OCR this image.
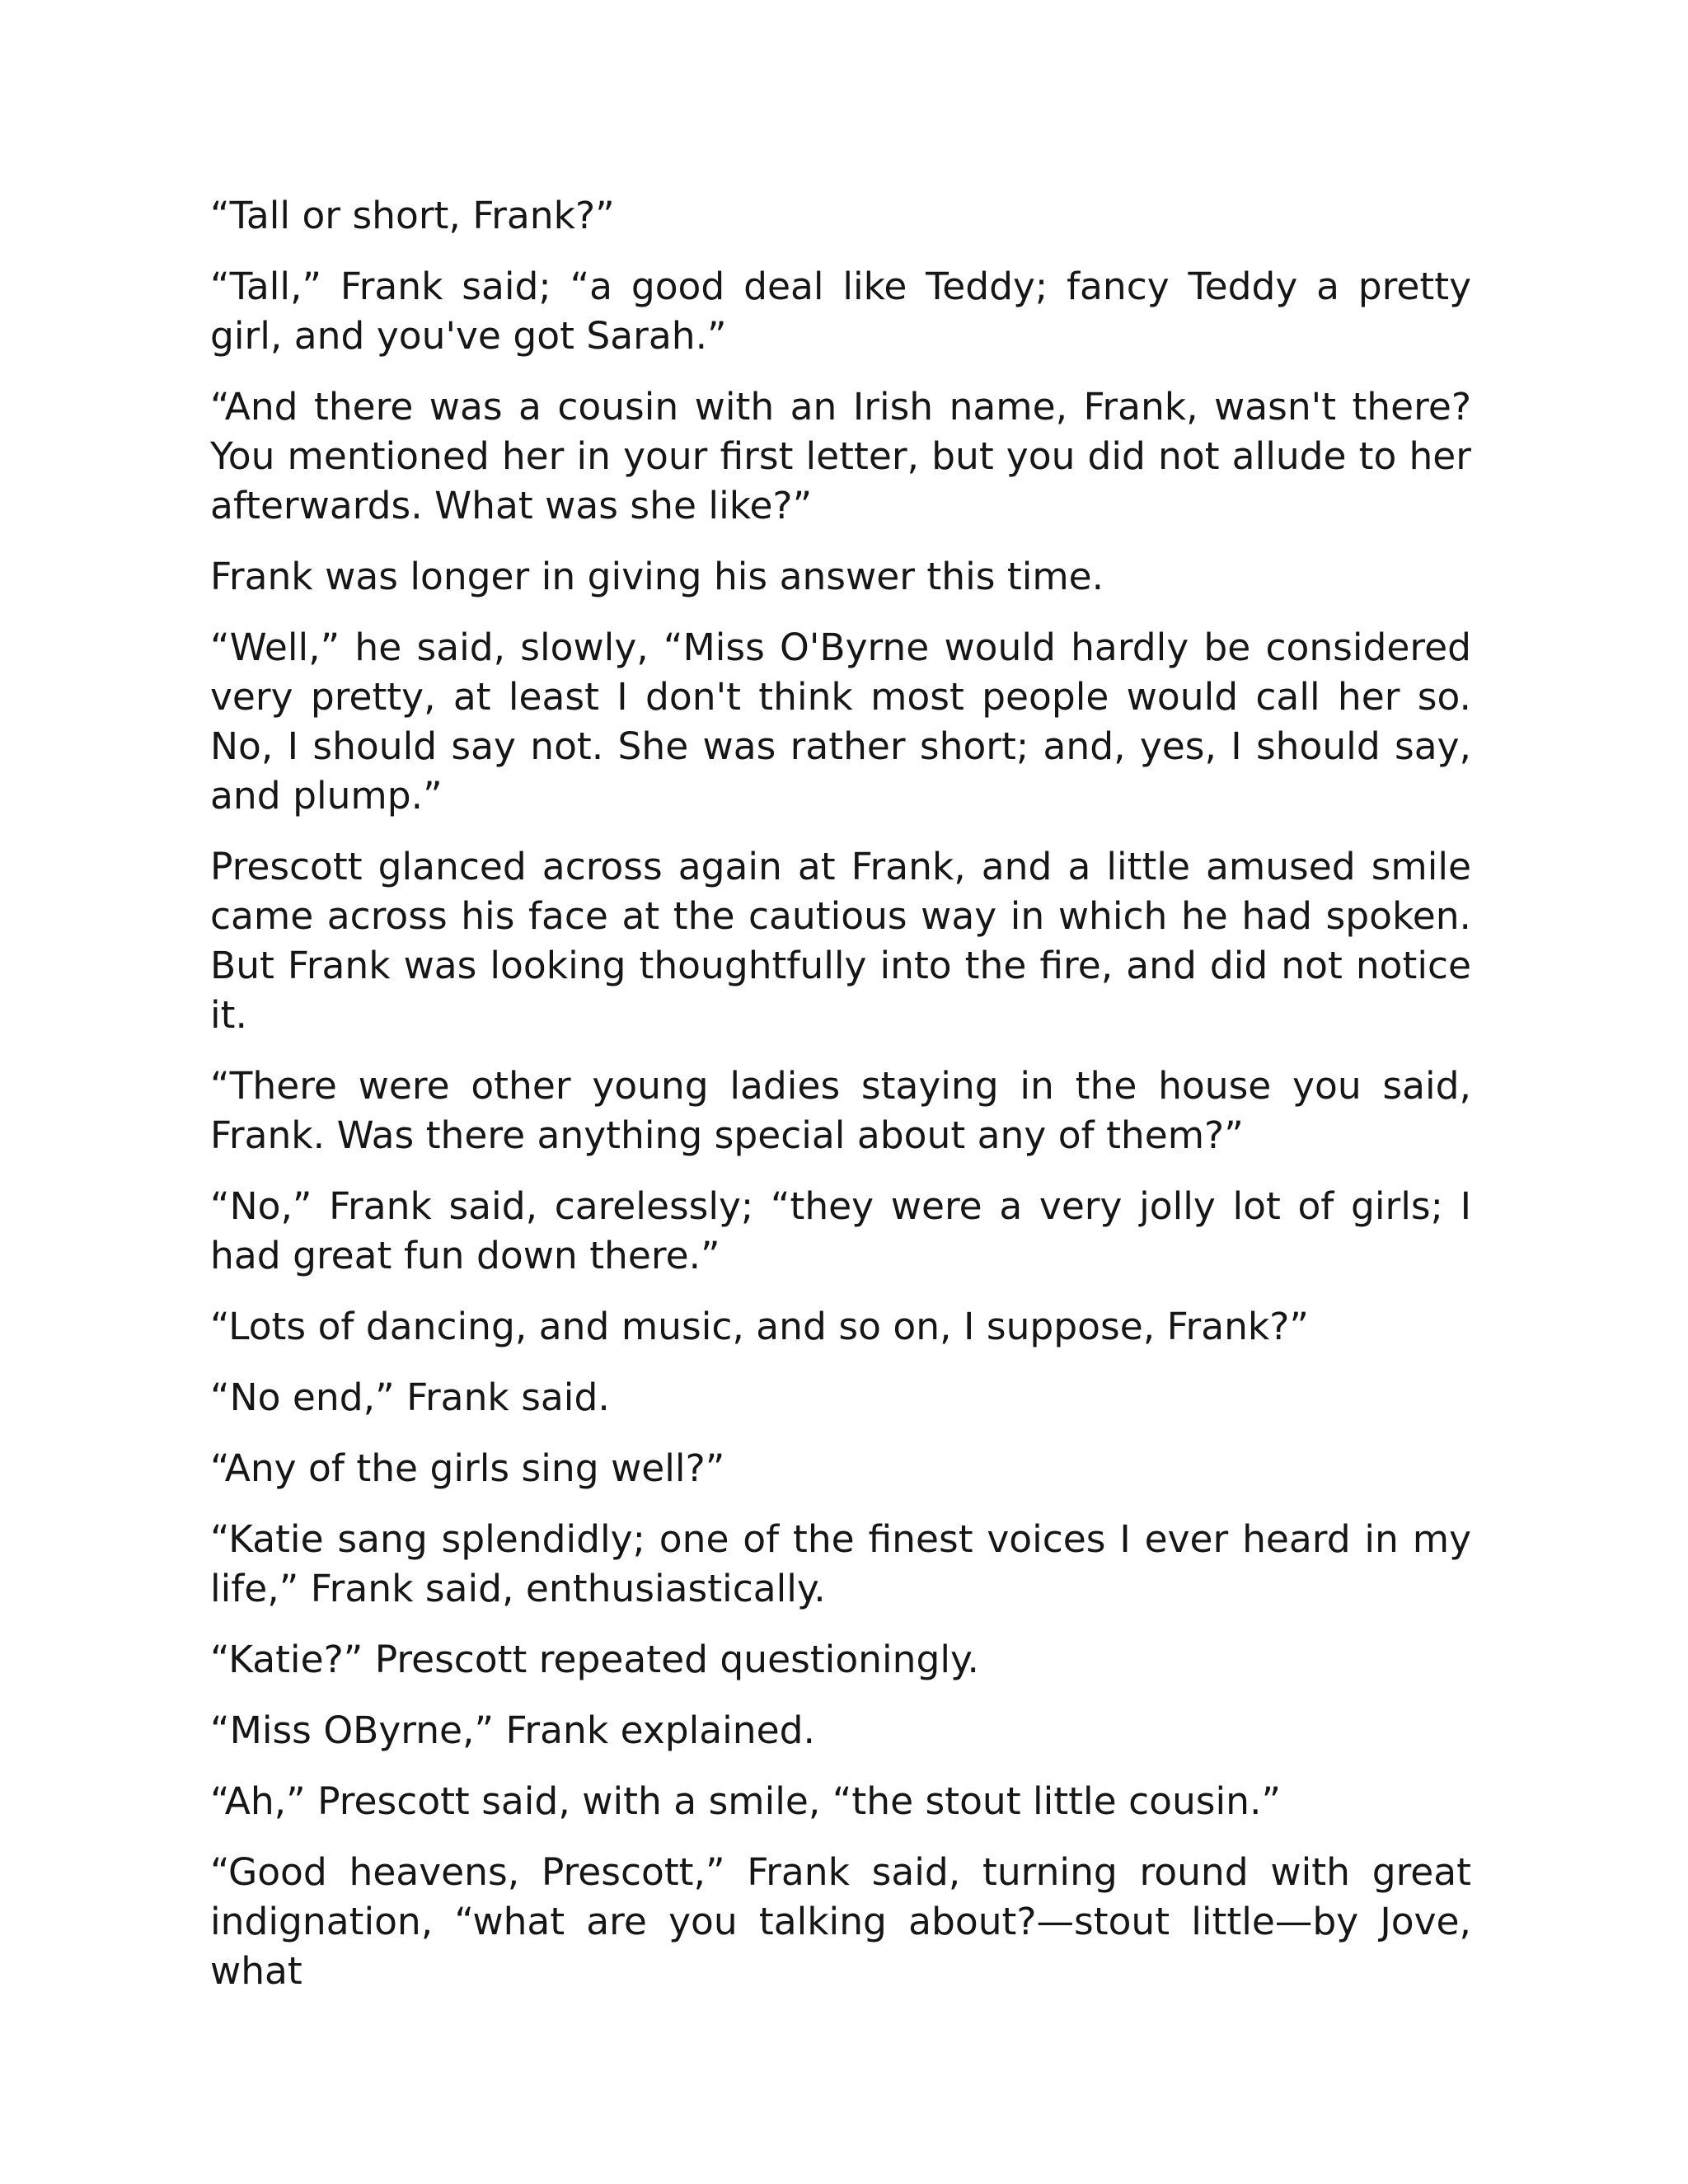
“Tall or short, Frank?”

“Tall,” Frank said; “a good deal like Teddy; fancy Teddy a pretty girl, and you've got Sarah.”

“And there was a cousin with an Irish name, Frank, wasn't there? You mentioned her in your first letter, but you did not allude to her afterwards. What was she like?”

Frank was longer in giving his answer this time.

“Well,” he said, slowly, “Miss O'Byrne would hardly be considered very pretty, at least I don't think most people would call her so. No, I should say not. She was rather short; and, yes, I should say, and plump.”

Prescott glanced across again at Frank, and a little amused smile came across his face at the cautious way in which he had spoken. But Frank was looking thoughtfully into the fire, and did not notice it.

“There were other young ladies staying in the house you said, Frank. Was there anything special about any of them?”

“No,” Frank said, carelessly; “they were a very jolly lot of girls; I had great fun down there.”

“Lots of dancing, and music, and so on, I suppose, Frank?”

“No end,” Frank said.

“Any of the girls sing well?”

“Katie sang splendidly; one of the finest voices I ever heard in my life,” Frank said, enthusiastically.

“Katie?” Prescott repeated questioningly.

“Miss OByrne,” Frank explained.

“Ah,” Prescott said, with a smile, “the stout little cousin.”

“Good heavens, Prescott,” Frank said, turning round with great indignation, “what are you talking about?—stout little—by Jove, what
